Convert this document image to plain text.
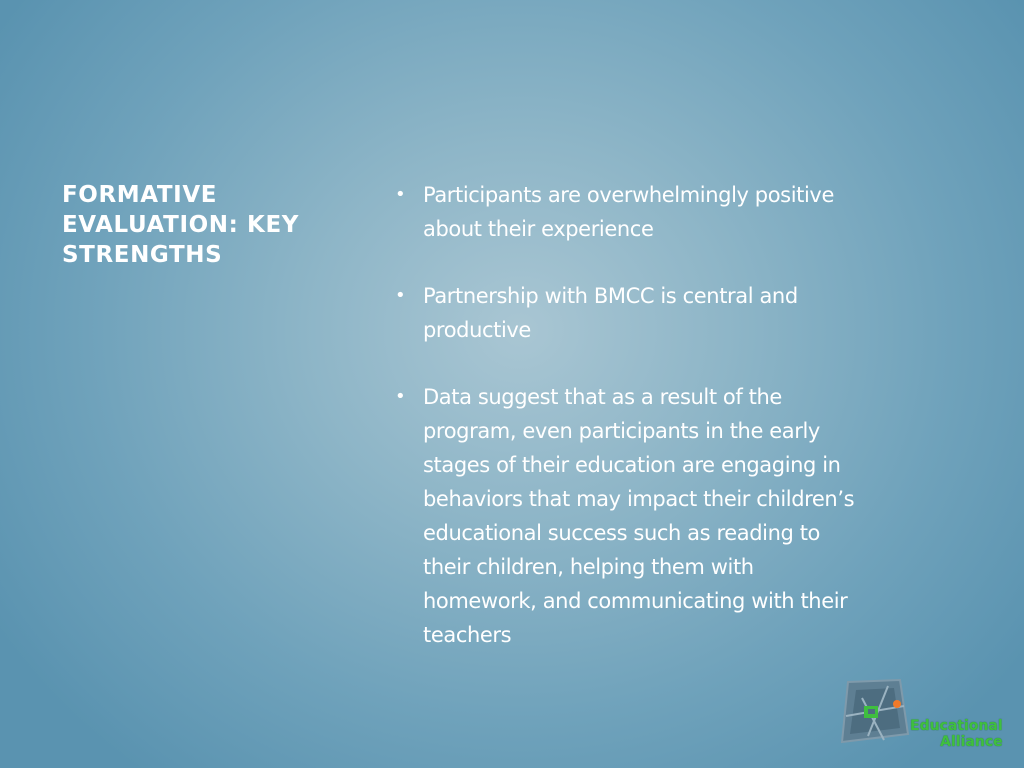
FORMATIVE EVALUATION: KEY STRENGTHS
• Participants are overwhelmingly positive about their experience
• Partnership with BMCC is central and productive
• Data suggest that as a result of the program, even participants in the early stages of their education are engaging in behaviors that may impact their children’s educational success such as reading to their children, helping them with homework, and communicating with their teachers
Educational
Alliance
